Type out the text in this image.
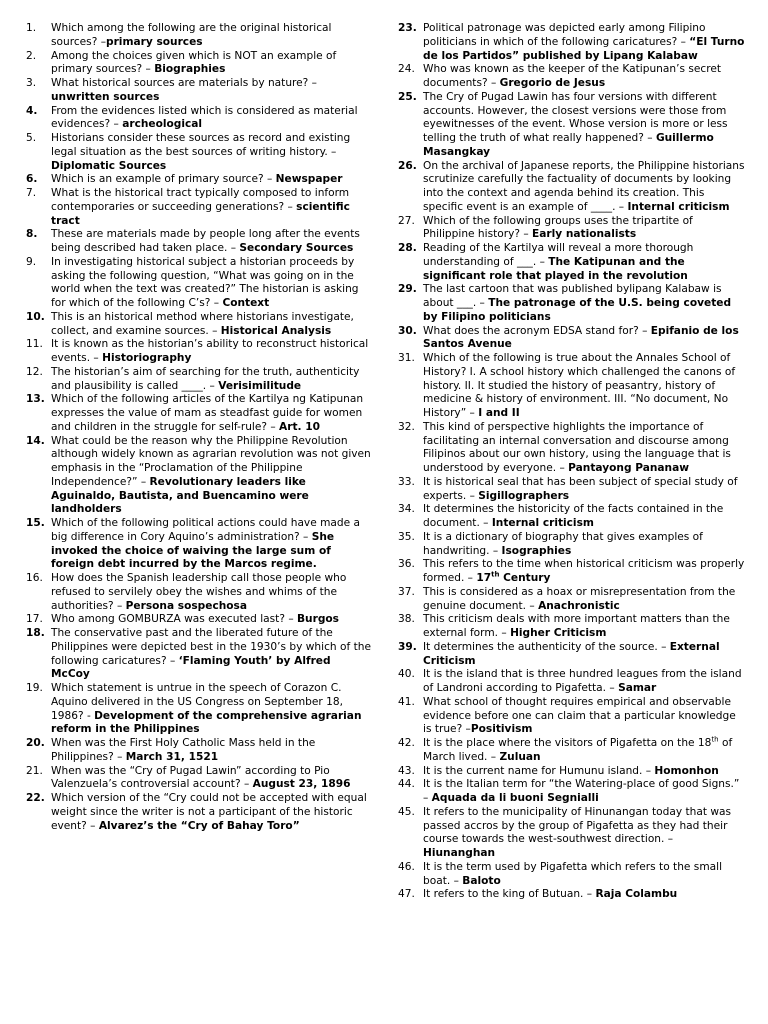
1.	Which among the following are the original historical sources? –primary sources
2.	Among the choices given which is NOT an example of primary sources? – Biographies
3.	What historical sources are materials by nature? – unwritten sources
4.	From the evidences listed which is considered as material evidences? – archeological
5.	Historians consider these sources as record and existing legal situation as the best sources of writing history. – Diplomatic Sources
6.	Which is an example of primary source? – Newspaper
7.	What is the historical tract typically composed to inform contemporaries or succeeding generations? – scientific tract
8.	These are materials made by people long after the events being described had taken place. – Secondary Sources
9.	In investigating historical subject a historian proceeds by asking the following question, “What was going on in the world when the text was created?” The historian is asking for which of the following C’s? – Context
10. This is an historical method where historians investigate, collect, and examine sources. – Historical Analysis
11. It is known as the historian’s ability to reconstruct historical events. – Historiography
12. The historian’s aim of searching for the truth, authenticity and plausibility is called ____. – Verisimilitude
13. Which of the following articles of the Kartilya ng Katipunan expresses the value of mam as steadfast guide for women and children in the struggle for self-rule? – Art. 10
14. What could be the reason why the Philippine Revolution although widely known as agrarian revolution was not given emphasis in the “Proclamation of the Philippine Independence?” – Revolutionary leaders like Aguinaldo, Bautista, and Buencamino were landholders
15. Which of the following political actions could have made a big difference in Cory Aquino’s administration? – She invoked the choice of waiving the large sum of foreign debt incurred by the Marcos regime.
16. How does the Spanish leadership call those people who refused to servilely obey the wishes and whims of the authorities? – Persona sospechosa
17. Who among GOMBURZA was executed last? – Burgos
18. The conservative past and the liberated future of the Philippines were depicted best in the 1930’s by which of the following caricatures? – ‘Flaming Youth’ by Alfred McCoy
19. Which statement is untrue in the speech of Corazon C. Aquino delivered in the US Congress on September 18, 1986? - Development of the comprehensive agrarian reform in the Philippines
20. When was the First Holy Catholic Mass held in the Philippines? – March 31, 1521
21. When was the “Cry of Pugad Lawin” according to Pio Valenzuela’s controversial account? – August 23, 1896
22. Which version of the “Cry could not be accepted with equal weight since the writer is not a participant of the historic event? – Alvarez’s the “Cry of Bahay Toro”
23. Political patronage was depicted early among Filipino politicians in which of the following caricatures? – “El Turno de los Partidos” published by Lipang Kalabaw
24. Who was known as the keeper of the Katipunan’s secret documents? – Gregorio de Jesus
25. The Cry of Pugad Lawin has four versions with different accounts. However, the closest versions were those from eyewitnesses of the event. Whose version is more or less telling the truth of what really happened? – Guillermo Masangkay
26. On the archival of Japanese reports, the Philippine historians scrutinize carefully the factuality of documents by looking into the context and agenda behind its creation. This specific event is an example of ____. – Internal criticism
27. Which of the following groups uses the tripartite of Philippine history? – Early nationalists
28. Reading of the Kartilya will reveal a more thorough understanding of ___. – The Katipunan and the significant role that played in the revolution
29. The last cartoon that was published bylipang Kalabaw is about ___. – The patronage of the U.S. being coveted by Filipino politicians
30. What does the acronym EDSA stand for? – Epifanio de los Santos Avenue
31. Which of the following is true about the Annales School of History? I. A school history which challenged the canons of history. II. It studied the history of peasantry, history of medicine & history of environment. III. “No document, No History” – I and II
32. This kind of perspective highlights the importance of facilitating an internal conversation and discourse among Filipinos about our own history, using the language that is understood by everyone. – Pantayong Pananaw
33. It is historical seal that has been subject of special study of experts. – Sigillographers
34. It determines the historicity of the facts contained in the document. – Internal criticism
35. It is a dictionary of biography that gives examples of handwriting. – Isographies
36. This refers to the time when historical criticism was properly formed. – 17th Century
37. This is considered as a hoax or misrepresentation from the genuine document. – Anachronistic
38. This criticism deals with more important matters than the external form. – Higher Criticism
39. It determines the authenticity of the source. – External Criticism
40. It is the island that is three hundred leagues from the island of Landroni according to Pigafetta. – Samar
41. What school of thought requires empirical and observable evidence before one can claim that a particular knowledge is true? –Positivism
42. It is the place where the visitors of Pigafetta on the 18th of March lived. – Zuluan
43. It is the current name for Humunu island. – Homonhon
44. It is the Italian term for “the Watering-place of good Signs.” – Aquada da li buoni Segnialli
45. It refers to the municipality of Hinunangan today that was passed accros by the group of Pigafetta as they had their course towards the west-southwest direction. – Hiunanghan
46. It is the term used by Pigafetta which refers to the small boat. – Baloto
47. It refers to the king of Butuan. – Raja Colambu
